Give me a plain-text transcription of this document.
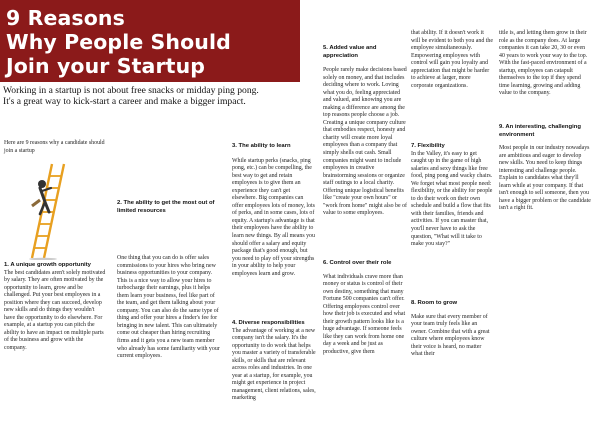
9 Reasons
Why People Should
Join your Startup
Working in a startup is not about free snacks or midday ping pong.
It's a great way to kick-start a career and make a bigger impact.

Here are 9 reasons why a candidate should join a startup

1. A unique growth opportunity

The best candidates aren't solely motivated by salary. They are often motivated by the opportunity to learn, grow and be challenged. Put your best employees in a position where they can succeed, develop new skills and do things they wouldn't have the opportunity to do elsewhere. For example, at a startup you can pitch the ability to have an impact on multiple parts of the business and grow with the company.

2. The ability to get the most out of limited resources

One thing that you can do is offer sales commissions to your hires who bring new business opportunities to your company. This is a nice way to allow your hires to turbocharge their earnings, plus it helps them learn your business, feel like part of the team, and get them talking about your company. You can also do the same type of thing and offer your hires a finder's fee for bringing in new talent. This can ultimately come out cheaper than hiring recruiting firms and it gets you a new team member who already has some familiarity with your current employees.

3. The ability to learn

While startup perks (snacks, ping pong, etc.) can be compelling, the best way to get and retain employees is to give them an experience they can't get elsewhere. Big companies can offer employees lots of money, lots of perks, and in some cases, lots of equity. A startup's advantage is that their employees have the ability to learn new things. By all means you should offer a salary and equity package that's good enough, but you need to play off your strengths in your ability to help your employees learn and grow.

4. Diverse responsibilities

The advantage of working at a new company isn't the salary. It's the opportunity to do work that helps you master a variety of transferable skills, or skills that are relevant across roles and industries. In one year at a startup, for example, you might get experience in project management, client relations, sales, marketing

5. Added value and appreciation

People rarely make decisions based solely on money, and that includes deciding where to work. Loving what you do, feeling appreciated and valued, and knowing you are making a difference are among the top reasons people choose a job. Creating a unique company culture that embodies respect, honesty and charity will create more loyal employees than a company that simply shells out cash. Small companies might want to include employees in creative brainstorming sessions or organize staff outings to a local charity. Offering unique logistical benefits like "create your own hours" or "work from home" might also be of value to some employees.

6. Control over their role

What individuals crave more than money or status is control of their own destiny, something that many Fortune 500 companies can't offer. Offering employees control over how their job is executed and what their growth pattern looks like is a huge advantage. If someone feels like they can work from home one day a week and be just as productive, give them

that ability. If it doesn't work it will be evident to both you and the employee simultaneously. Empowering employees with control will gain you loyalty and appreciation that might be harder to achieve at larger, more corporate organizations.

7. Flexibility

In the Valley, it's easy to get caught up in the game of high salaries and sexy things like free food, ping pong and wacky chairs. We forget what most people need: flexibility, or the ability for people to do their work on their own schedule and build a flow that fits with their families, friends and activities. If you can master that, you'll never have to ask the question, "What will it take to make you stay?"

8. Room to grow

Make sure that every member of your team truly feels like an owner. Combine that with a great culture where employees know their voice is heard, no matter what their

title is, and letting them grow in their role as the company does. At large companies it can take 20, 30 or even 40 years to work your way to the top. With the fast-paced environment of a startup, employees can catapult themselves to the top if they spend time learning, growing and adding value to the company.

9. An interesting, challenging environment

Most people in our industry nowadays are ambitious and eager to develop new skills. You need to keep things interesting and challenge people. Explain to candidates what they'll learn while at your company. If that isn't enough to sell someone, then you have a bigger problem or the candidate isn't a right fit.
